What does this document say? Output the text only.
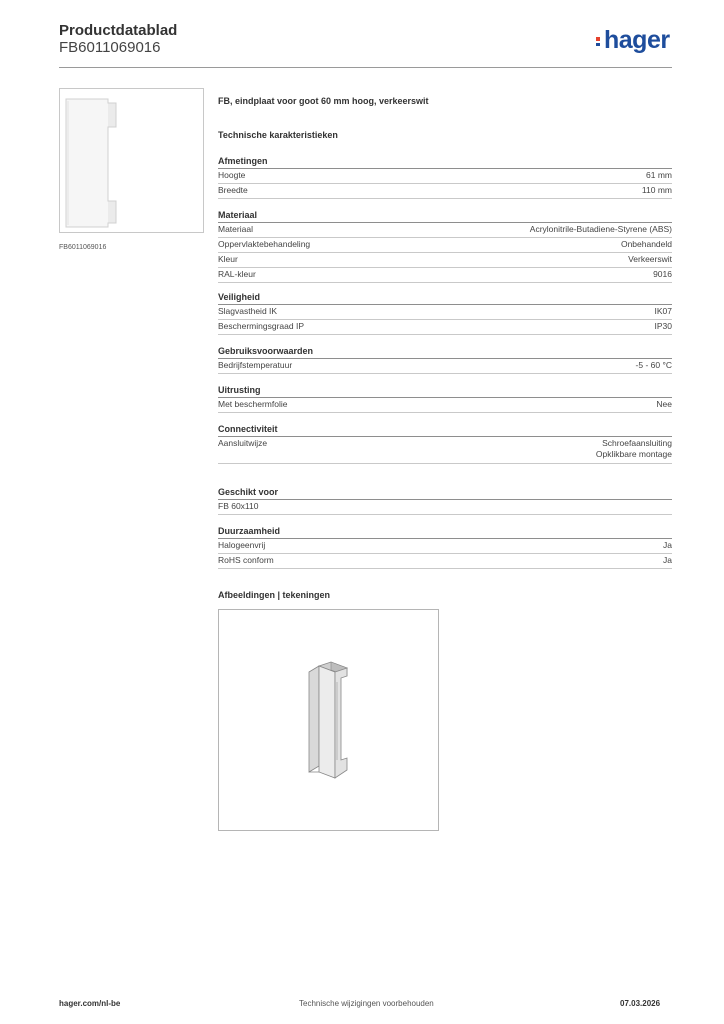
Productdatablad
FB6011069016	hager
FB6011069016
FB, eindplaat voor goot 60 mm hoog, verkeerswit
Technische karakteristieken
Afmetingen
Hoogte	61 mm
Breedte	110 mm
Materiaal
Materiaal	Acrylonitrile-Butadiene-Styrene (ABS)
Oppervlaktebehandeling	Onbehandeld
Kleur	Verkeerswit
RAL-kleur	9016
Veiligheid
Slagvastheid IK	IK07
Beschermingsgraad IP	IP30
Gebruiksvoorwaarden
Bedrijfstemperatuur	-5 - 60 °C
Uitrusting
Met beschermfolie	Nee
Connectiviteit
Aansluitwijze	Schroefaansluiting
Opklikbare montage
Geschikt voor
FB 60x110
Duurzaamheid
Halogeenvrij	Ja
RoHS conform	Ja
Afbeeldingen | tekeningen
hager.com/nl-be	Technische wijzigingen voorbehouden	07.03.2026
